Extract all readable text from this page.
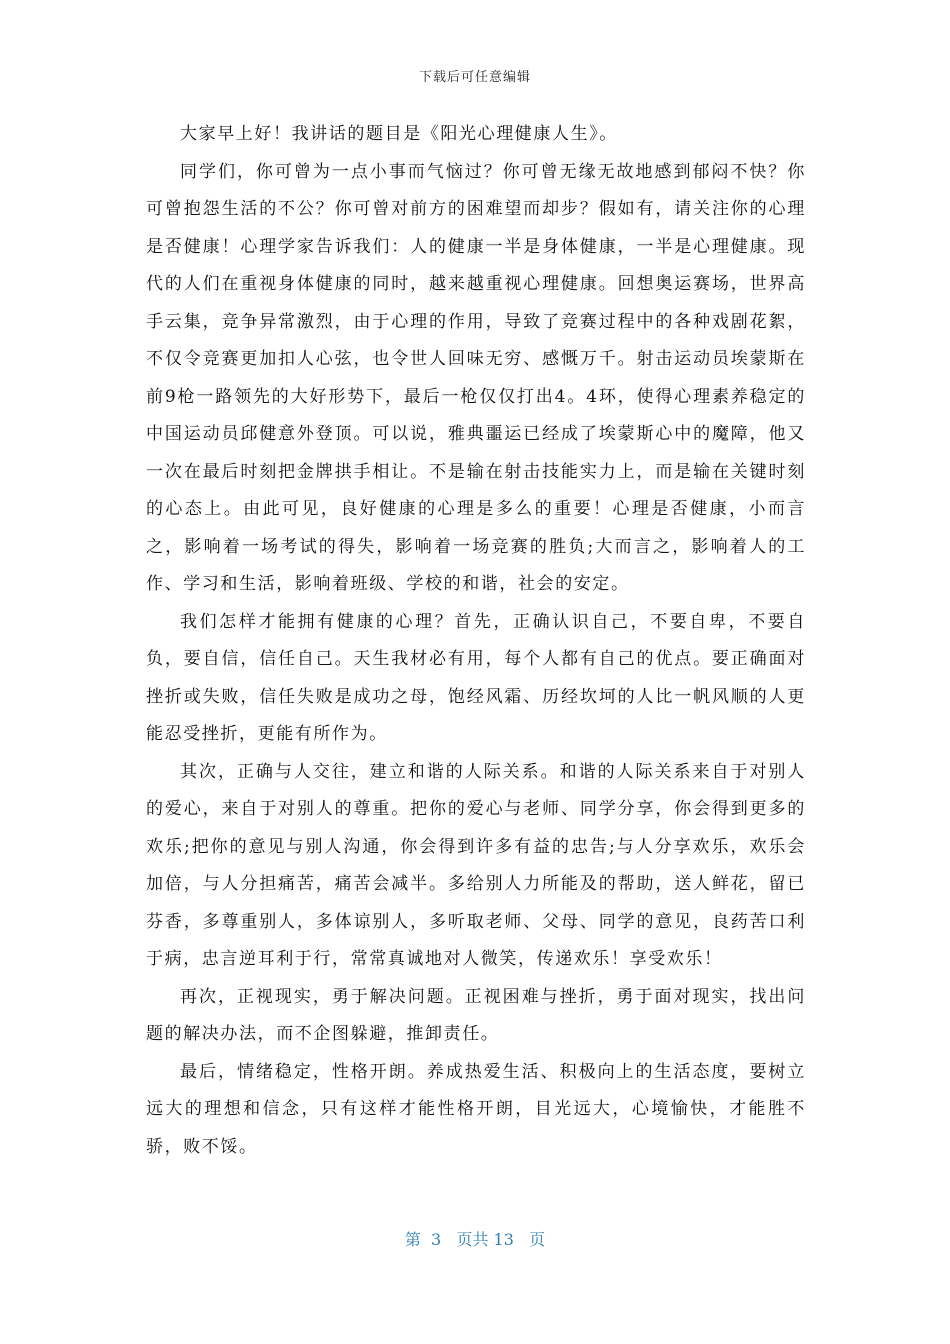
下载后可任意编辑

大家早上好！我讲话的题目是《阳光心理健康人生》。

同学们，你可曾为一点小事而气恼过？你可曾无缘无故地感到郁闷不快？你可曾抱怨生活的不公？你可曾对前方的困难望而却步？假如有，请关注你的心理是否健康！心理学家告诉我们：人的健康一半是身体健康，一半是心理健康。现代的人们在重视身体健康的同时，越来越重视心理健康。回想奥运赛场，世界高手云集，竞争异常激烈，由于心理的作用，导致了竞赛过程中的各种戏剧花絮，不仅令竞赛更加扣人心弦，也令世人回味无穷、感慨万千。射击运动员埃蒙斯在前9枪一路领先的大好形势下，最后一枪仅仅打出4。4环，使得心理素养稳定的中国运动员邱健意外登顶。可以说，雅典噩运已经成了埃蒙斯心中的魔障，他又一次在最后时刻把金牌拱手相让。不是输在射击技能实力上，而是输在关键时刻的心态上。由此可见，良好健康的心理是多么的重要！心理是否健康，小而言之，影响着一场考试的得失，影响着一场竞赛的胜负;大而言之，影响着人的工作、学习和生活，影响着班级、学校的和谐，社会的安定。

我们怎样才能拥有健康的心理？首先，正确认识自己，不要自卑，不要自负，要自信，信任自己。天生我材必有用，每个人都有自己的优点。要正确面对挫折或失败，信任失败是成功之母，饱经风霜、历经坎坷的人比一帆风顺的人更能忍受挫折，更能有所作为。

其次，正确与人交往，建立和谐的人际关系。和谐的人际关系来自于对别人的爱心，来自于对别人的尊重。把你的爱心与老师、同学分享，你会得到更多的欢乐;把你的意见与别人沟通，你会得到许多有益的忠告;与人分享欢乐，欢乐会加倍，与人分担痛苦，痛苦会减半。多给别人力所能及的帮助，送人鲜花，留已芬香，多尊重别人，多体谅别人，多听取老师、父母、同学的意见，良药苦口利于病，忠言逆耳利于行，常常真诚地对人微笑，传递欢乐！享受欢乐！

再次，正视现实，勇于解决问题。正视困难与挫折，勇于面对现实，找出问题的解决办法，而不企图躲避，推卸责任。

最后，情绪稳定，性格开朗。养成热爱生活、积极向上的生活态度，要树立远大的理想和信念，只有这样才能性格开朗，目光远大，心境愉快，才能胜不骄，败不馁。

第  3   页共 13   页
